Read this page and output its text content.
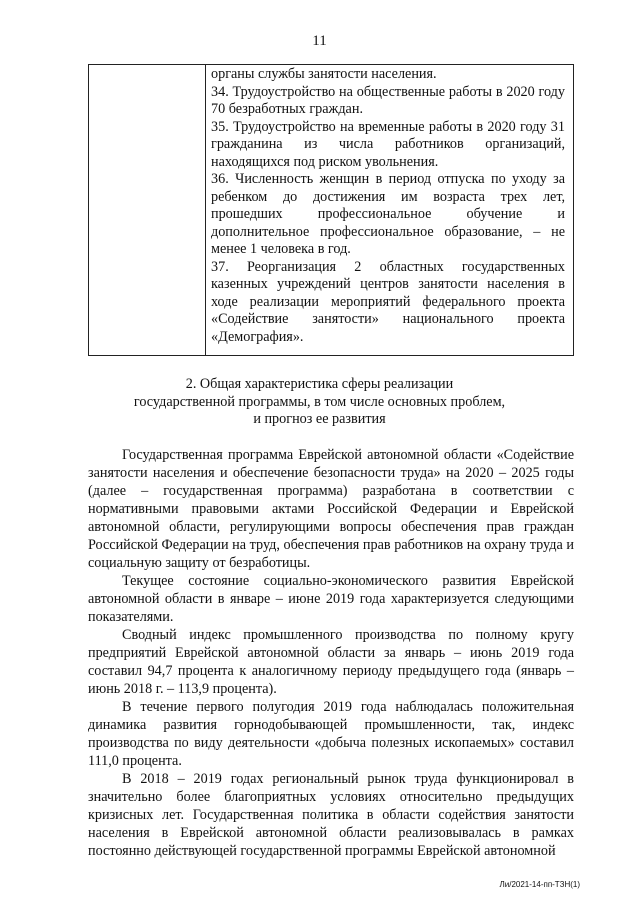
11

органы службы занятости населения.

34. Трудоустройство на общественные работы в 2020 году 70 безработных граждан.

35. Трудоустройство на временные работы в 2020 году 31 гражданина из числа работников организаций, находящихся под риском увольнения.

36. Численность женщин в период отпуска по уходу за ребенком до достижения им возраста трех лет, прошедших профессиональное обучение и дополнительное профессиональное образование, – не менее 1 человека в год.

37. Реорганизация 2 областных государственных казенных учреждений центров занятости населения в ходе реализации мероприятий федерального проекта «Содействие занятости» национального проекта «Демография».

2. Общая характеристика сферы реализации
государственной программы, в том числе основных проблем,
и прогноз ее развития

Государственная программа Еврейской автономной области «Содействие занятости населения и обеспечение безопасности труда» на 2020 – 2025 годы (далее – государственная программа) разработана в соответствии с нормативными правовыми актами Российской Федерации и Еврейской автономной области, регулирующими вопросы обеспечения прав граждан Российской Федерации на труд, обеспечения прав работников на охрану труда и социальную защиту от безработицы.

Текущее состояние социально-экономического развития Еврейской автономной области в январе – июне 2019 года характеризуется следующими показателями.

Сводный индекс промышленного производства по полному кругу предприятий Еврейской автономной области за январь – июнь 2019 года составил 94,7 процента к аналогичному периоду предыдущего года (январь – июнь 2018 г. – 113,9 процента).

В течение первого полугодия 2019 года наблюдалась положительная динамика развития горнодобывающей промышленности, так, индекс производства по виду деятельности «добыча полезных ископаемых» составил 111,0 процента.

В 2018 – 2019 годах региональный рынок труда функционировал в значительно более благоприятных условиях относительно предыдущих кризисных лет. Государственная политика в области содействия занятости населения в Еврейской автономной области реализовывалась в рамках постоянно действующей государственной программы Еврейской автономной

Ли/2021-14-пп-ТЗН(1)
